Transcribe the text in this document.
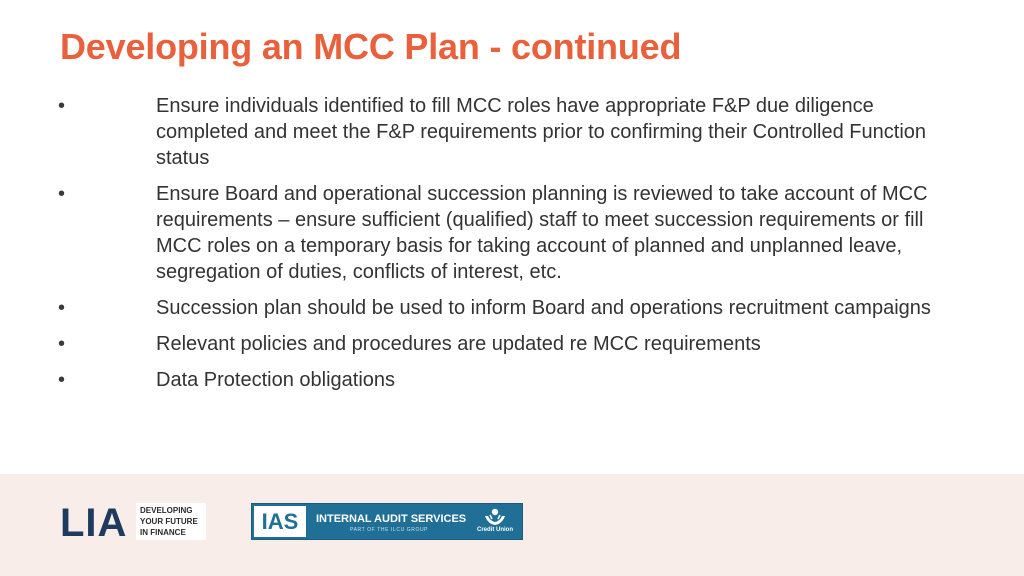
Developing an MCC Plan - continued
•	Ensure individuals identified to fill MCC roles have appropriate F&P due diligence completed and meet the F&P requirements prior to confirming their Controlled Function status
•	Ensure Board and operational succession planning is reviewed to take account of MCC requirements – ensure sufficient (qualified) staff to meet succession requirements or fill MCC roles on a temporary basis for taking account of planned and unplanned leave, segregation of duties, conflicts of interest, etc.
•	Succession plan should be used to inform Board and operations recruitment campaigns
•	Relevant policies and procedures are updated re MCC requirements
•	Data Protection obligations
LIA	DEVELOPING YOUR FUTURE IN FINANCE	IAS	INTERNAL AUDIT SERVICES
PART OF THE ILCU GROUP	Credit Union
